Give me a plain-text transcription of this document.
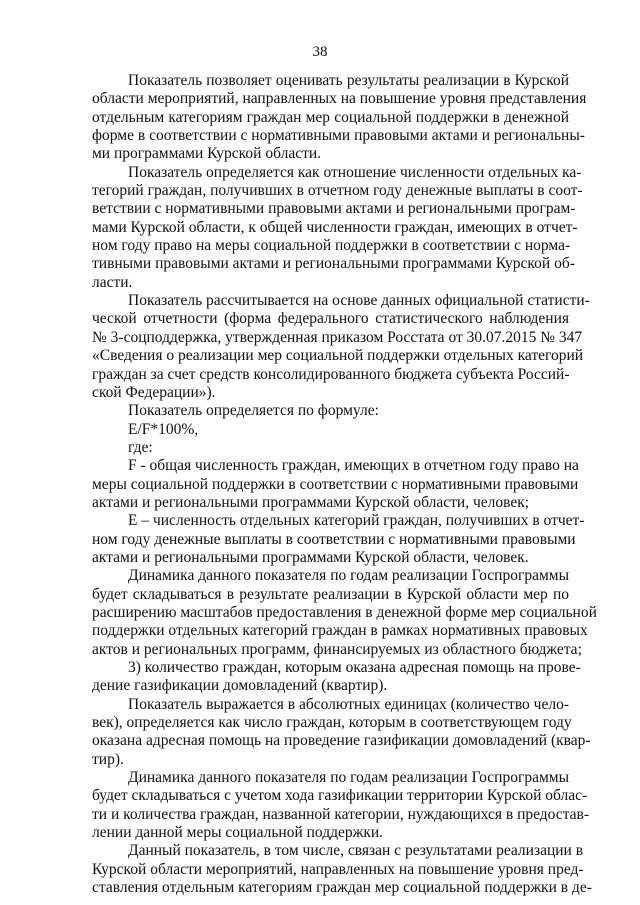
38
Показатель позволяет оценивать результаты реализации в Курской
области мероприятий, направленных на повышение уровня представления
отдельным категориям граждан мер социальной поддержки в денежной
форме в соответствии с нормативными правовыми актами и региональны-
ми программами Курской области.
Показатель определяется как отношение численности отдельных ка-
тегорий граждан, получивших в отчетном году денежные выплаты в соот-
ветствии с нормативными правовыми актами и региональными програм-
мами Курской области, к общей численности граждан, имеющих в отчет-
ном году право на меры социальной поддержки в соответствии с норма-
тивными правовыми актами и региональными программами Курской об-
ласти.
Показатель рассчитывается на основе данных официальной статисти-
ческой отчетности (форма федерального статистического наблюдения
№ 3-соцподдержка, утвержденная приказом Росстата от 30.07.2015 № 347
«Сведения о реализации мер социальной поддержки отдельных категорий
граждан за счет средств консолидированного бюджета субъекта Россий-
ской Федерации»).
Показатель определяется по формуле:
E/F*100%,
где:
F - общая численность граждан, имеющих в отчетном году право на
меры социальной поддержки в соответствии с нормативными правовыми
актами и региональными программами Курской области, человек;
E – численность отдельных категорий граждан, получивших в отчет-
ном году денежные выплаты в соответствии с нормативными правовыми
актами и региональными программами Курской области, человек.
Динамика данного показателя по годам реализации Госпрограммы
будет складываться в результате реализации в Курской области мер по
расширению масштабов предоставления в денежной форме мер социальной
поддержки отдельных категорий граждан в рамках нормативных правовых
актов и региональных программ, финансируемых из областного бюджета;
3) количество граждан, которым оказана адресная помощь на прове-
дение газификации домовладений (квартир).
Показатель выражается в абсолютных единицах (количество чело-
век), определяется как число граждан, которым в соответствующем году
оказана адресная помощь на проведение газификации домовладений (квар-
тир).
Динамика данного показателя по годам реализации Госпрограммы
будет складываться с учетом хода газификации территории Курской облас-
ти и количества граждан, названной категории, нуждающихся в предостав-
лении данной меры социальной поддержки.
Данный показатель, в том числе, связан с результатами реализации в
Курской области мероприятий, направленных на повышение уровня пред-
ставления отдельным категориям граждан мер социальной поддержки в де-
